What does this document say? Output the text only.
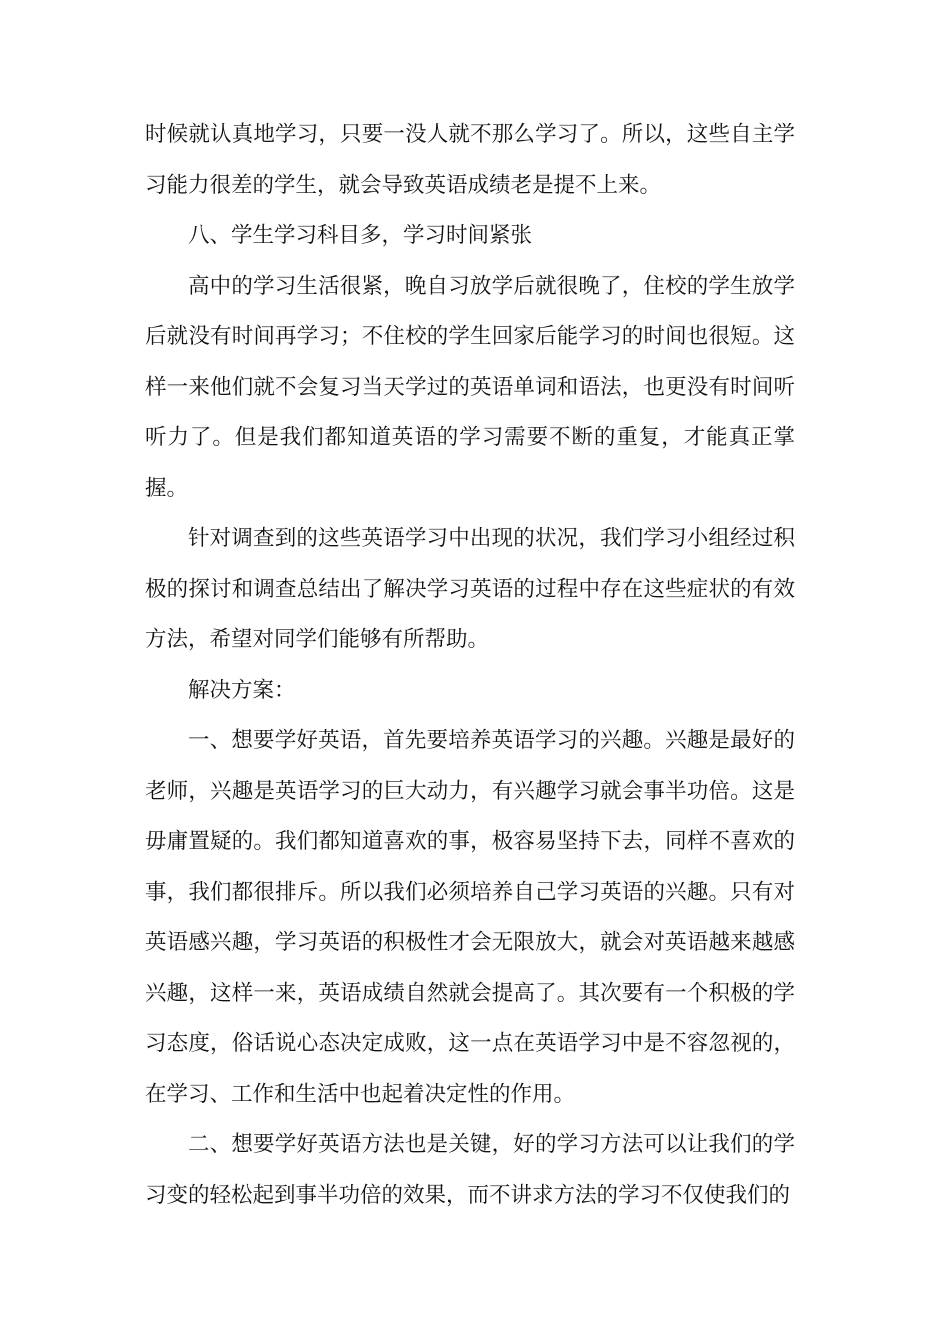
时候就认真地学习，只要一没人就不那么学习了。所以，这些自主学习能力很差的学生，就会导致英语成绩老是提不上来。

八、学生学习科目多，学习时间紧张

高中的学习生活很紧，晚自习放学后就很晚了，住校的学生放学后就没有时间再学习；不住校的学生回家后能学习的时间也很短。这样一来他们就不会复习当天学过的英语单词和语法，也更没有时间听听力了。但是我们都知道英语的学习需要不断的重复，才能真正掌握。

针对调查到的这些英语学习中出现的状况，我们学习小组经过积极的探讨和调查总结出了解决学习英语的过程中存在这些症状的有效方法，希望对同学们能够有所帮助。

解决方案：

一、想要学好英语，首先要培养英语学习的兴趣。兴趣是最好的老师，兴趣是英语学习的巨大动力，有兴趣学习就会事半功倍。这是毋庸置疑的。我们都知道喜欢的事，极容易坚持下去，同样不喜欢的事，我们都很排斥。所以我们必须培养自己学习英语的兴趣。只有对英语感兴趣，学习英语的积极性才会无限放大，就会对英语越来越感兴趣，这样一来，英语成绩自然就会提高了。其次要有一个积极的学习态度，俗话说心态决定成败，这一点在英语学习中是不容忽视的，在学习、工作和生活中也起着决定性的作用。

二、想要学好英语方法也是关键，好的学习方法可以让我们的学习变的轻松起到事半功倍的效果，而不讲求方法的学习不仅使我们的
